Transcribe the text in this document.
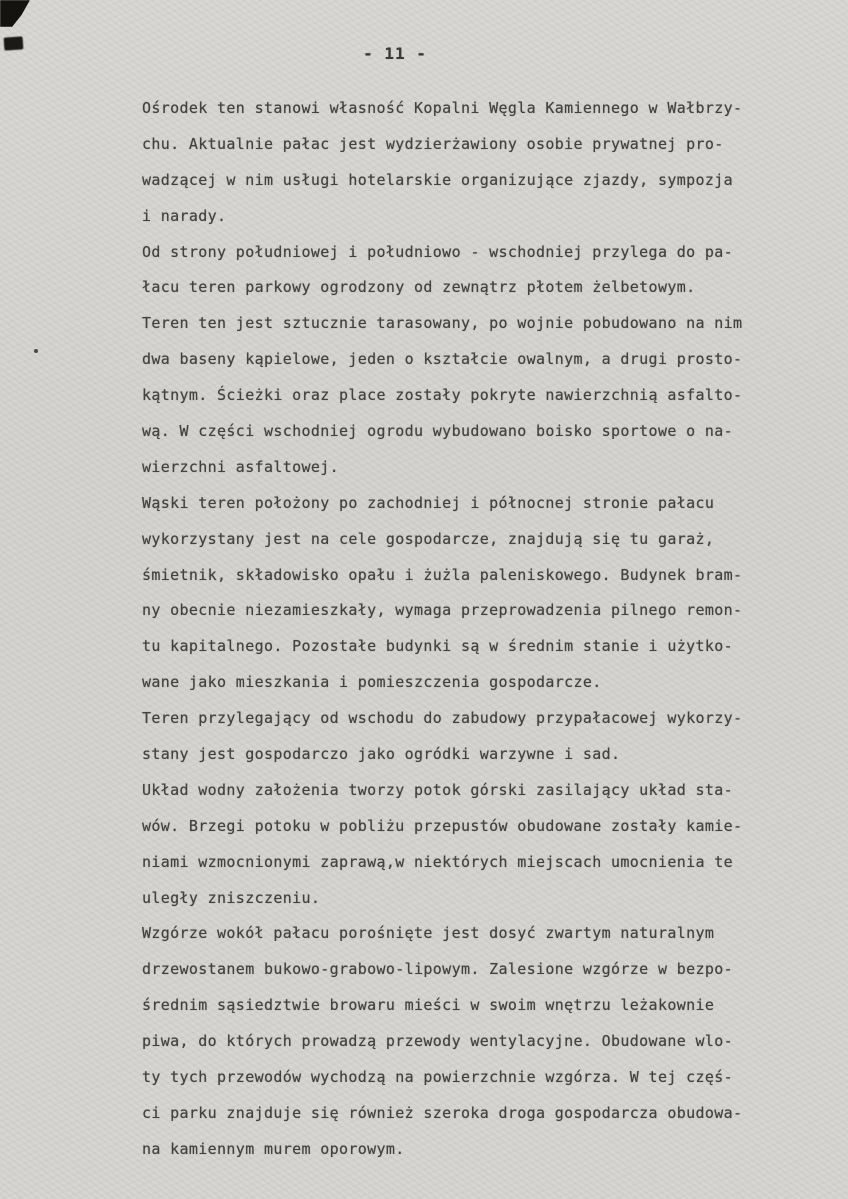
- 11 -
Ośrodek ten stanowi własność Kopalni Węgla Kamiennego w Wałbrzy-
chu. Aktualnie pałac jest wydzierżawiony osobie prywatnej pro-
wadzącej w nim usługi hotelarskie organizujące zjazdy, sympozja
i narady.
Od strony południowej i południowo - wschodniej przylega do pa-
łacu teren parkowy ogrodzony od zewnątrz płotem żelbetowym.
Teren ten jest sztucznie tarasowany, po wojnie pobudowano na nim
dwa baseny kąpielowe, jeden o kształcie owalnym, a drugi prosto-
kątnym. Ścieżki oraz place zostały pokryte nawierzchnią asfalto-
wą. W części wschodniej ogrodu wybudowano boisko sportowe o na-
wierzchni asfaltowej.
Wąski teren położony po zachodniej i północnej stronie pałacu
wykorzystany jest na cele gospodarcze, znajdują się tu garaż,
śmietnik, składowisko opału i żużla paleniskowego. Budynek bram-
ny obecnie niezamieszkały, wymaga przeprowadzenia pilnego remon-
tu kapitalnego. Pozostałe budynki są w średnim stanie i użytko-
wane jako mieszkania i pomieszczenia gospodarcze.
Teren przylegający od wschodu do zabudowy przypałacowej wykorzy-
stany jest gospodarczo jako ogródki warzywne i sad.
Układ wodny założenia tworzy potok górski zasilający układ sta-
wów. Brzegi potoku w pobliżu przepustów obudowane zostały kamie-
niami wzmocnionymi zaprawą,w niektórych miejscach umocnienia te
uległy zniszczeniu.
Wzgórze wokół pałacu porośnięte jest dosyć zwartym naturalnym
drzewostanem bukowo-grabowo-lipowym. Zalesione wzgórze w bezpo-
średnim sąsiedztwie browaru mieści w swoim wnętrzu leżakownie
piwa, do których prowadzą przewody wentylacyjne. Obudowane wlo-
ty tych przewodów wychodzą na powierzchnie wzgórza. W tej częś-
ci parku znajduje się również szeroka droga gospodarcza obudowa-
na kamiennym murem oporowym.
